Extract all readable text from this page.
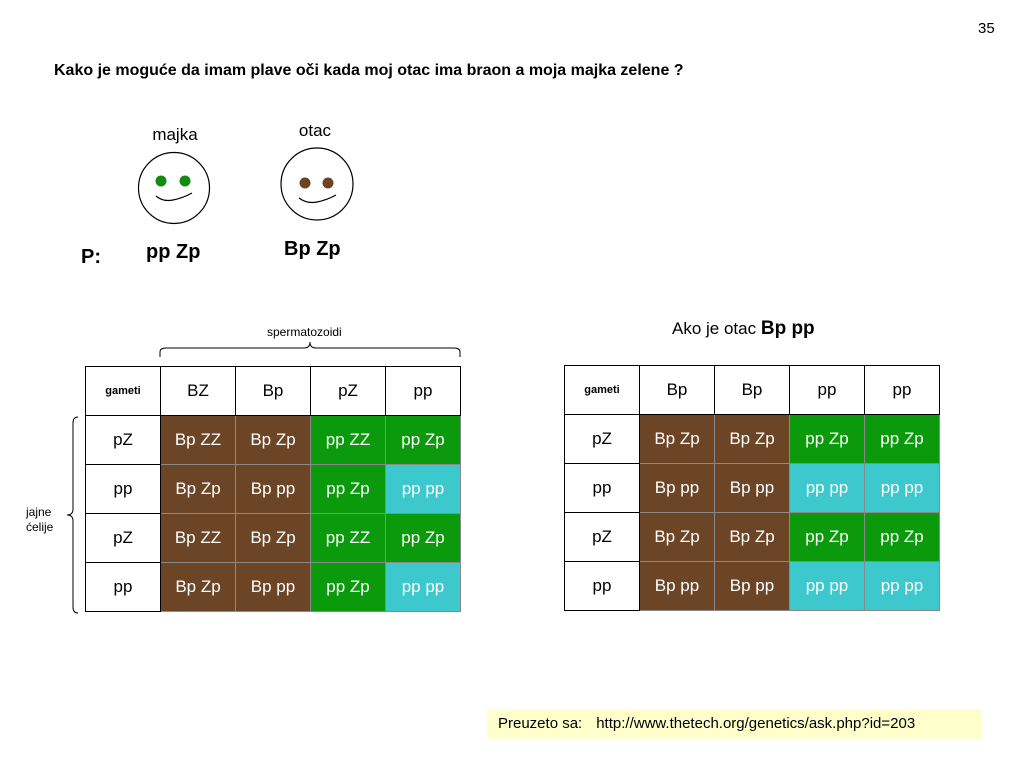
35
Kako je moguće da imam plave oči kada moj otac ima braon a moja majka zelene ?
majka
pp Zp
otac
Bp Zp
P:
spermatozoidi
jajne
ćelije
gameti	BZ	Bp	pZ	pp
pZ	Bp ZZ	Bp Zp	pp ZZ	pp Zp
pp	Bp Zp	Bp pp	pp Zp	pp pp
pZ	Bp ZZ	Bp Zp	pp ZZ	pp Zp
pp	Bp Zp	Bp pp	pp Zp	pp pp
Ako je otac Bp pp
gameti	Bp	Bp	pp	pp
pZ	Bp Zp	Bp Zp	pp Zp	pp Zp
pp	Bp pp	Bp pp	pp pp	pp pp
pZ	Bp Zp	Bp Zp	pp Zp	pp Zp
pp	Bp pp	Bp pp	pp pp	pp pp
Preuzeto sa: http://www.thetech.org/genetics/ask.php?id=203
